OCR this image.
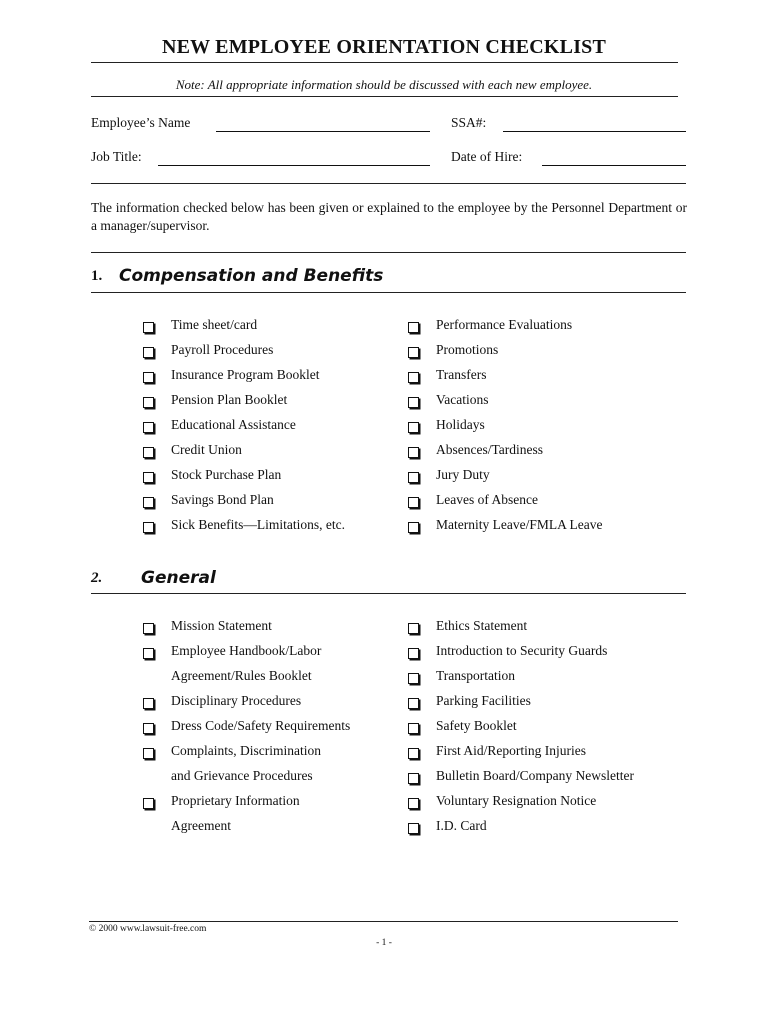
NEW EMPLOYEE ORIENTATION CHECKLIST
Note: All appropriate information should be discussed with each new employee.
Employee’s Name	SSA#:
Job Title:	Date of Hire:
The information checked below has been given or explained to the employee by the Personnel Department or a manager/supervisor.
1. Compensation and Benefits
Time sheet/card
Payroll Procedures
Insurance Program Booklet
Pension Plan Booklet
Educational Assistance
Credit Union
Stock Purchase Plan
Savings Bond Plan
Sick Benefits—Limitations, etc.
Performance Evaluations
Promotions
Transfers
Vacations
Holidays
Absences/Tardiness
Jury Duty
Leaves of Absence
Maternity Leave/FMLA Leave
2. General
Mission Statement
Employee Handbook/Labor
Agreement/Rules Booklet
Disciplinary Procedures
Dress Code/Safety Requirements
Complaints, Discrimination
and Grievance Procedures
Proprietary Information
Agreement
Ethics Statement
Introduction to Security Guards
Transportation
Parking Facilities
Safety Booklet
First Aid/Reporting Injuries
Bulletin Board/Company Newsletter
Voluntary Resignation Notice
I.D. Card
© 2000 www.lawsuit-free.com
- 1 -
